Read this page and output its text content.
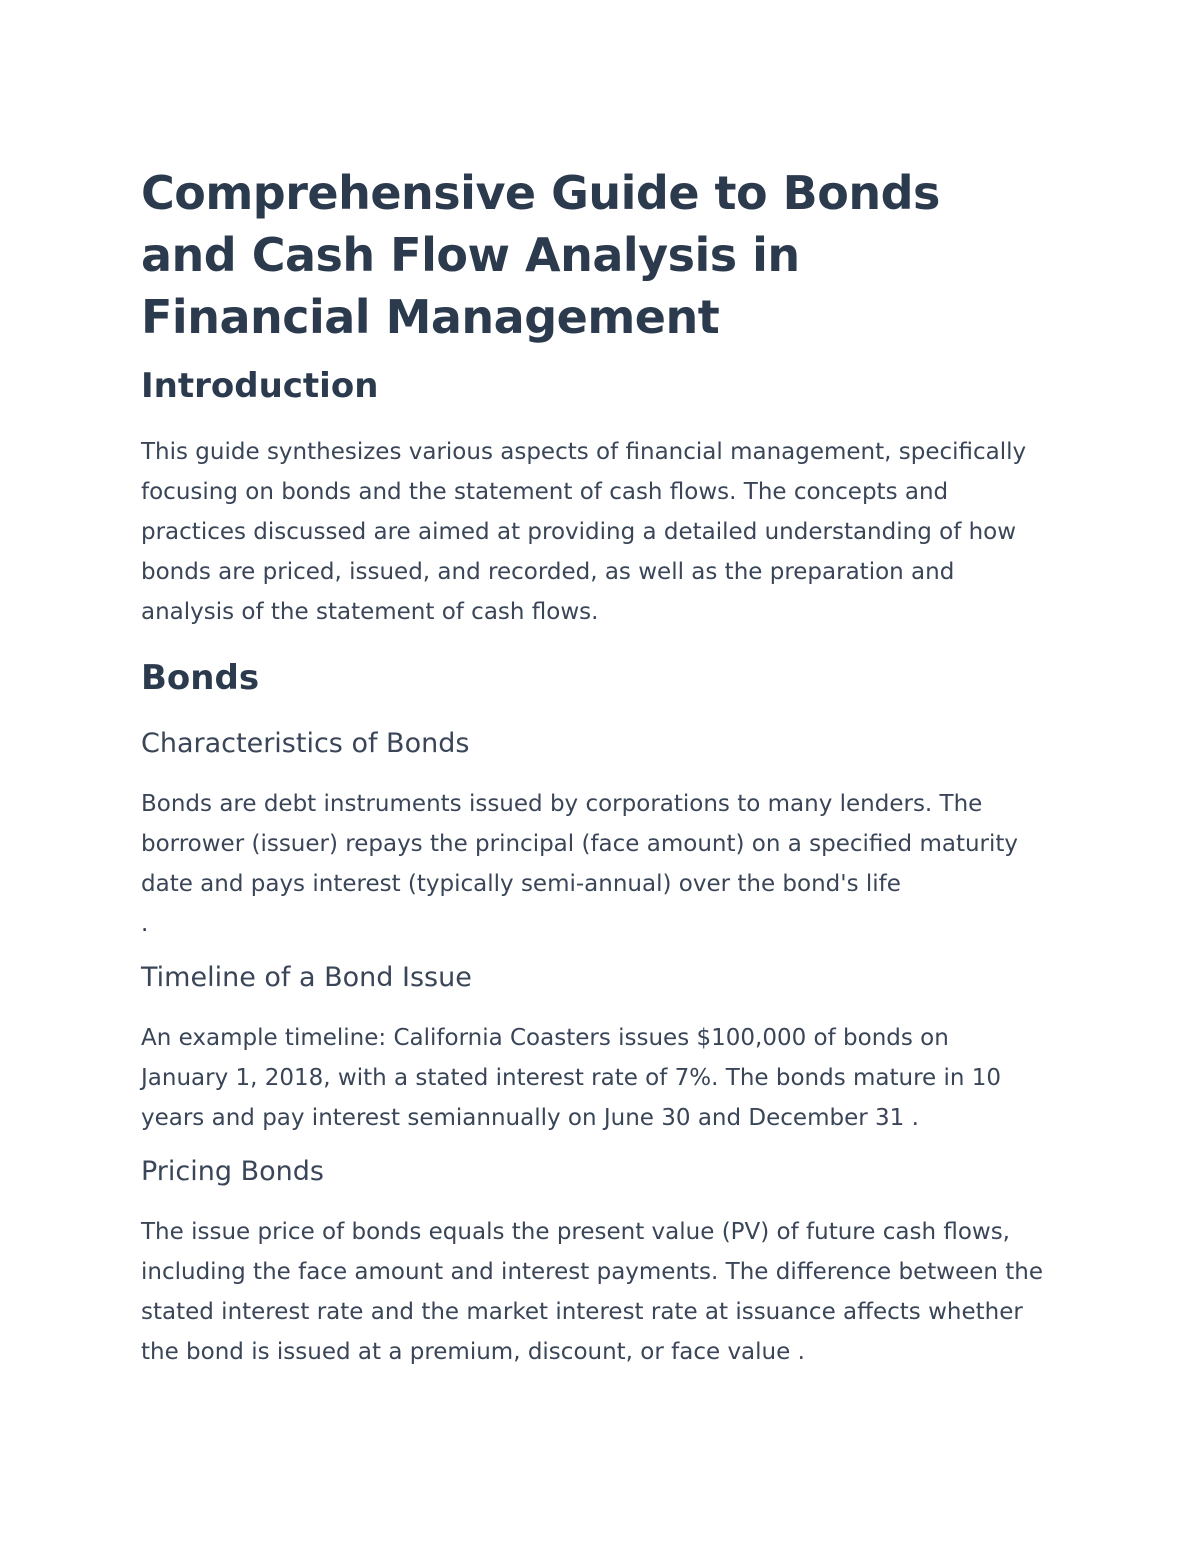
Comprehensive Guide to Bonds and Cash Flow Analysis in Financial Management
Introduction

This guide synthesizes various aspects of financial management, specifically focusing on bonds and the statement of cash flows. The concepts and practices discussed are aimed at providing a detailed understanding of how bonds are priced, issued, and recorded, as well as the preparation and analysis of the statement of cash flows.

Bonds
Characteristics of Bonds

Bonds are debt instruments issued by corporations to many lenders. The borrower (issuer) repays the principal (face amount) on a specified maturity date and pays interest (typically semi-annual) over the bond's life

.
Timeline of a Bond Issue

An example timeline: California Coasters issues $100,000 of bonds on January 1, 2018, with a stated interest rate of 7%. The bonds mature in 10 years and pay interest semiannually on June 30 and December 31 .

Pricing Bonds

The issue price of bonds equals the present value (PV) of future cash flows, including the face amount and interest payments. The difference between the stated interest rate and the market interest rate at issuance affects whether the bond is issued at a premium, discount, or face value .
